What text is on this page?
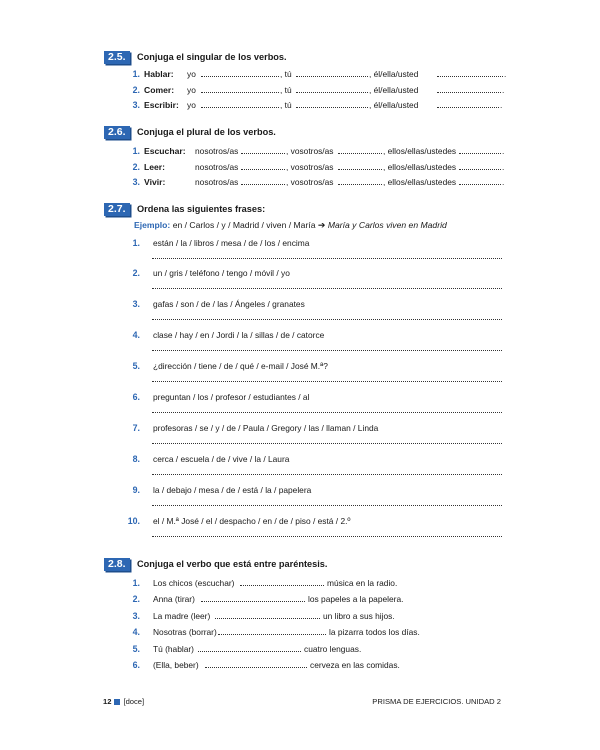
2.5.	Conjuga el singular de los verbos.
1. Hablar: yo	, tú	, él/ella/usted	.
2. Comer: yo	, tú	, él/ella/usted	.
3. Escribir: yo	, tú	, él/ella/usted	.
2.6.	Conjuga el plural de los verbos.
1. Escuchar: nosotros/as	, vosotros/as	, ellos/ellas/ustedes	.
2. Leer:	nosotros/as	, vosotros/as	, ellos/ellas/ustedes	.
3. Vivir:	nosotros/as	, vosotros/as	, ellos/ellas/ustedes	.
2.7.	Ordena las siguientes frases:
Ejemplo: en / Carlos / y / Madrid / viven / María ➔ María y Carlos viven en Madrid
1. están / la / libros / mesa / de / los / encima
2. un / gris / teléfono / tengo / móvil / yo
3. gafas / son / de / las / Ángeles / granates
4. clase / hay / en / Jordi / la / sillas / de / catorce
5. ¿dirección / tiene / de / qué / e-mail / José M.ª?
6. preguntan / los / profesor / estudiantes / al
7. profesoras / se / y / de / Paula / Gregory / las / llaman / Linda
8. cerca / escuela / de / vive / la / Laura
9. la / debajo / mesa / de / está / la / papelera
10. el / M.ª José / el / despacho / en / de / piso / está / 2.º
2.8.	Conjuga el verbo que está entre paréntesis.
1. Los chicos (escuchar)	música en la radio.
2. Anna (tirar)	los papeles a la papelera.
3. La madre (leer)	un libro a sus hijos.
4. Nosotras (borrar)	la pizarra todos los días.
5. Tú (hablar)	cuatro lenguas.
6. (Ella, beber)	cerveza en las comidas.
12 [doce]	PRISMA DE EJERCICIOS. UNIDAD 2
